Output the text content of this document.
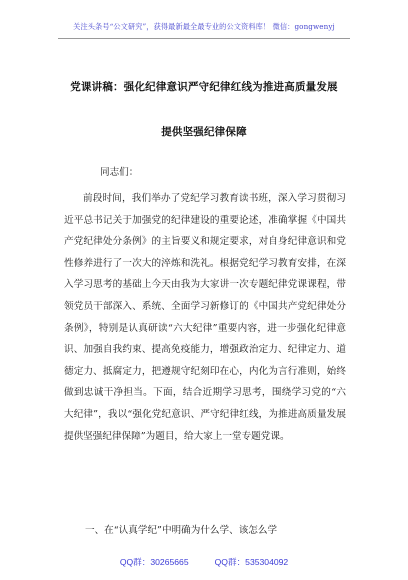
关注头条号“公文研究”，获得最新最全最专业的公文资料库！ 微信：gongwenyj
党课讲稿：强化纪律意识严守纪律红线为推进高质量发展
提供坚强纪律保障
同志们：

前段时间，我们举办了党纪学习教育读书班，深入学习贯彻习近平总书记关于加强党的纪律建设的重要论述，准确掌握《中国共产党纪律处分条例》的主旨要义和规定要求，对自身纪律意识和党性修养进行了一次大的淬炼和洗礼。根据党纪学习教育安排，在深入学习思考的基础上今天由我为大家讲一次专题纪律党课课程，带领党员干部深入、系统、全面学习新修订的《中国共产党纪律处分条例》，特别是认真研读“六大纪律”重要内容，进一步强化纪律意识、加强自我约束、提高免疫能力，增强政治定力、纪律定力、道德定力、抵腐定力，把遵规守纪刻印在心，内化为言行准则，始终做到忠诚干净担当。下面，结合近期学习思考，围绕学习党的“六大纪律”，我以“强化党纪意识、严守纪律红线，为推进高质量发展提供坚强纪律保障”为题目，给大家上一堂专题党课。

一、在“认真学纪”中明确为什么学、该怎么学
QQ群：30265665	QQ群：535304092
